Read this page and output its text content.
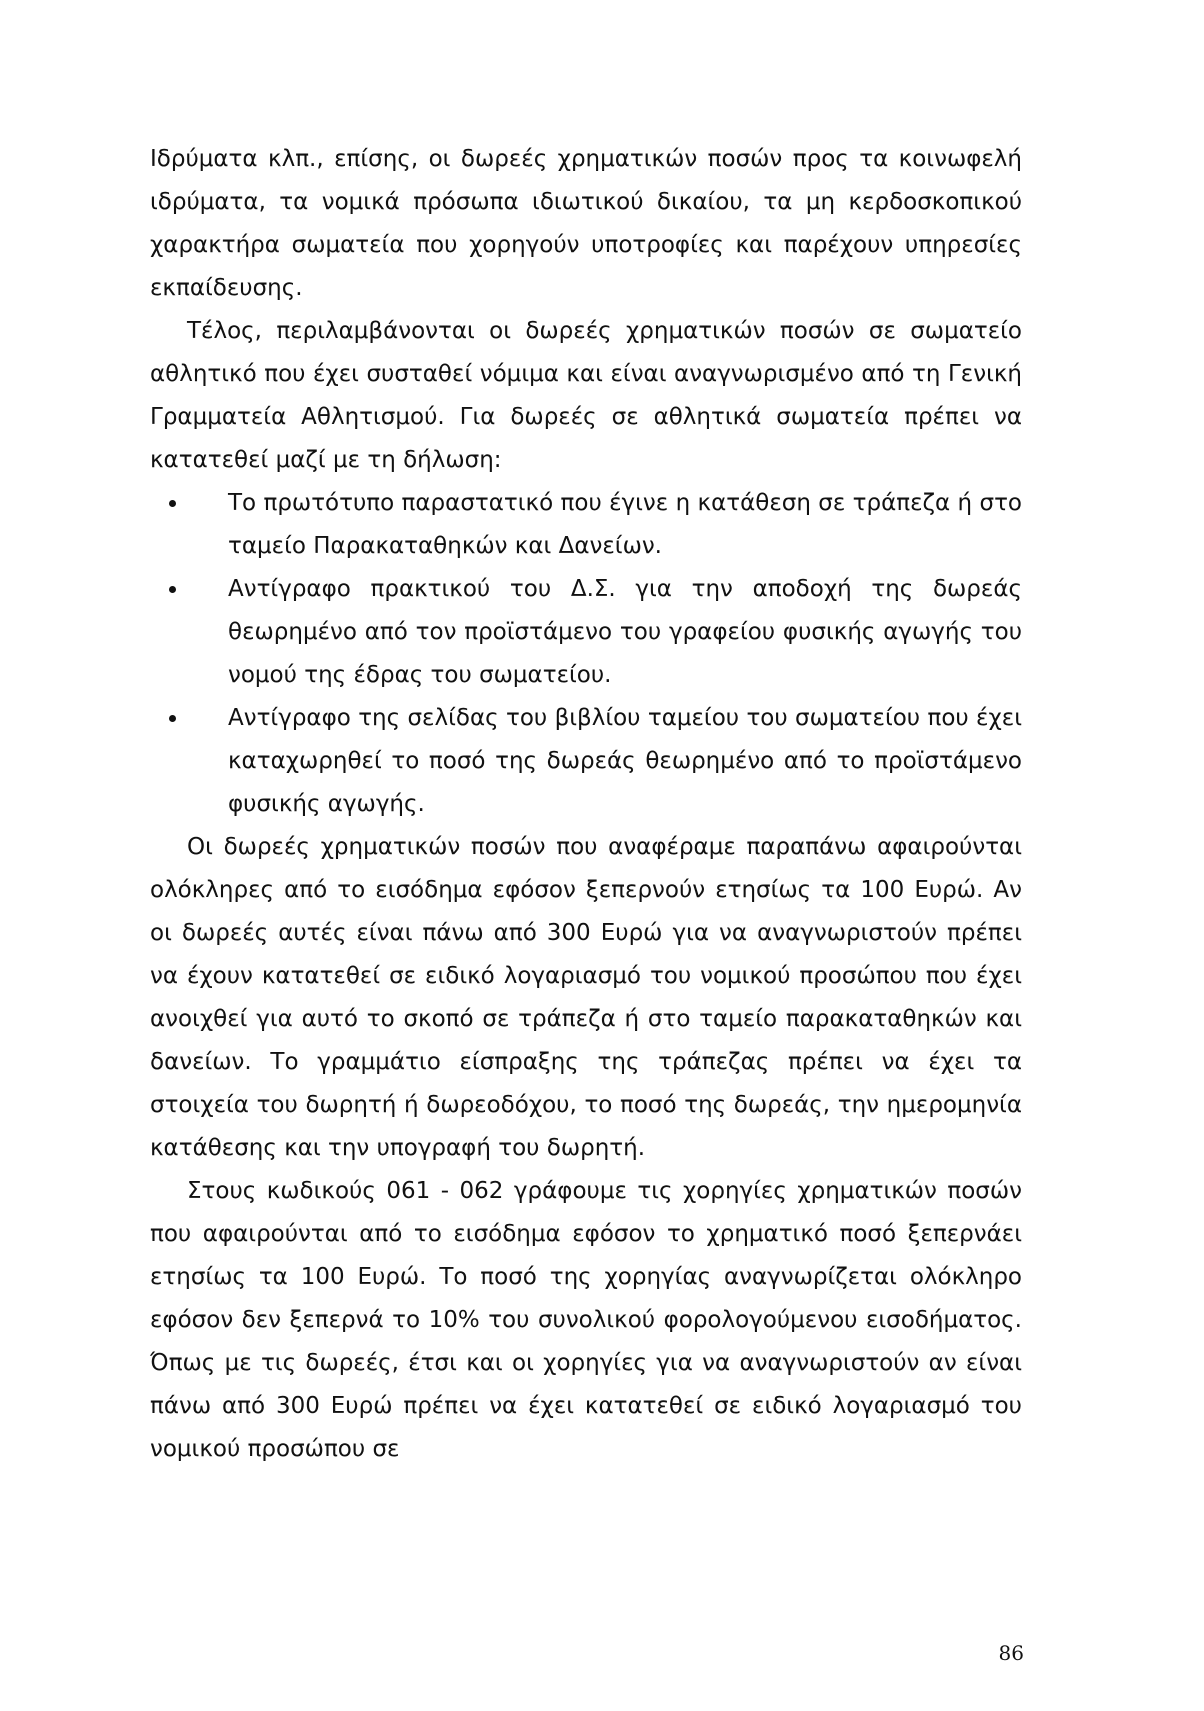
Ιδρύματα κλπ., επίσης, οι δωρεές χρηματικών ποσών προς τα κοινωφελή ιδρύματα, τα νομικά πρόσωπα ιδιωτικού δικαίου, τα μη κερδοσκοπικού χαρακτήρα σωματεία που χορηγούν υποτροφίες και παρέχουν υπηρεσίες εκπαίδευσης.

Τέλος, περιλαμβάνονται οι δωρεές χρηματικών ποσών σε σωματείο αθλητικό που έχει συσταθεί νόμιμα και είναι αναγνωρισμένο από τη Γενική Γραμματεία Αθλητισμού. Για δωρεές σε αθλητικά σωματεία πρέπει να κατατεθεί μαζί με τη δήλωση:

Το πρωτότυπο παραστατικό που έγινε η κατάθεση σε τράπεζα ή στο ταμείο Παρακαταθηκών και Δανείων.
Αντίγραφο πρακτικού του Δ.Σ. για την αποδοχή της δωρεάς θεωρημένο από τον προϊστάμενο του γραφείου φυσικής αγωγής του νομού της έδρας του σωματείου.
Αντίγραφο της σελίδας του βιβλίου ταμείου του σωματείου που έχει καταχωρηθεί το ποσό της δωρεάς θεωρημένο από το προϊστάμενο φυσικής αγωγής.

Οι δωρεές χρηματικών ποσών που αναφέραμε παραπάνω αφαιρούνται ολόκληρες από το εισόδημα εφόσον ξεπερνούν ετησίως τα 100 Ευρώ. Αν οι δωρεές αυτές είναι πάνω από 300 Ευρώ για να αναγνωριστούν πρέπει να έχουν κατατεθεί σε ειδικό λογαριασμό του νομικού προσώπου που έχει ανοιχθεί για αυτό το σκοπό σε τράπεζα ή στο ταμείο παρακαταθηκών και δανείων. Το γραμμάτιο είσπραξης της τράπεζας πρέπει να έχει τα στοιχεία του δωρητή ή δωρεοδόχου, το ποσό της δωρεάς, την ημερομηνία κατάθεσης και την υπογραφή του δωρητή.

Στους κωδικούς 061 - 062 γράφουμε τις χορηγίες χρηματικών ποσών που αφαιρούνται από το εισόδημα εφόσον το χρηματικό ποσό ξεπερνάει ετησίως τα 100 Ευρώ. Το ποσό της χορηγίας αναγνωρίζεται ολόκληρο εφόσον δεν ξεπερνά το 10% του συνολικού φορολογούμενου εισοδήματος. Όπως με τις δωρεές, έτσι και οι χορηγίες για να αναγνωριστούν αν είναι πάνω από 300 Ευρώ πρέπει να έχει κατατεθεί σε ειδικό λογαριασμό του νομικού προσώπου σε

86
